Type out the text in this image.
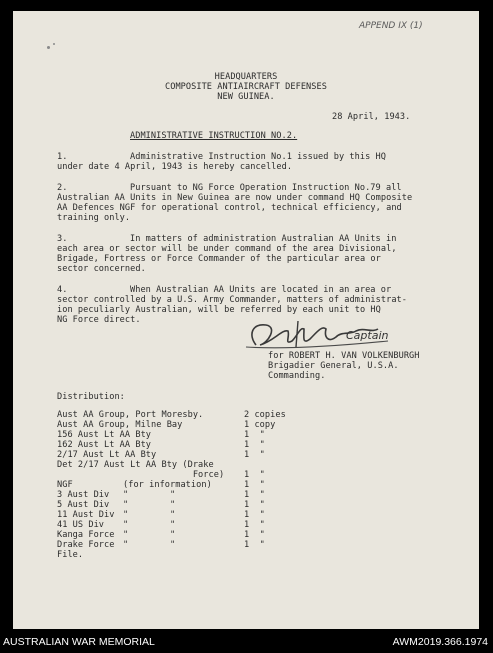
APPEND IX (1)
HEADQUARTERS
COMPOSITE ANTIAIRCRAFT DEFENSES
NEW GUINEA.
28 April, 1943.
ADMINISTRATIVE INSTRUCTION NO.2.
1.	Administrative Instruction No.1 issued by this HQ
under date 4 April, 1943 is hereby cancelled.
2.	Pursuant to NG Force Operation Instruction No.79 all
Australian AA Units in New Guinea are now under command HQ Composite
AA Defences NGF for operational control, technical efficiency, and
training only.
3.	In matters of administration Australian AA Units in
each area or sector will be under command of the area Divisional,
Brigade, Fortress or Force Commander of the particular area or
sector concerned.
4.	When Australian AA Units are located in an area or
sector controlled by a U.S. Army Commander, matters of administrat-
ion peculiarly Australian, will be referred by each unit to HQ
NG Force direct.
Captain
for ROBERT H. VAN VOLKENBURGH
Brigadier General, U.S.A.
Commanding.
Distribution:
Aust AA Group, Port Moresby.	2 copies
Aust AA Group, Milne Bay	1 copy
156 Aust Lt AA Bty	1  "
162 Aust Lt AA Bty	1  "
2/17 Aust Lt AA Bty	1  "
Det 2/17 Aust Lt AA Bty (Drake
Force) 1  "
NGF	(for information)	1  "
3 Aust Div "        "	1  "
5 Aust Div "        "	1  "
11 Aust Div "        "	1  "
41 US Div "        "	1  "
Kanga Force "        "	1  "
Drake Force "        "	1  "
File.
AUSTRALIAN WAR MEMORIAL	AWM2019.366.1974
